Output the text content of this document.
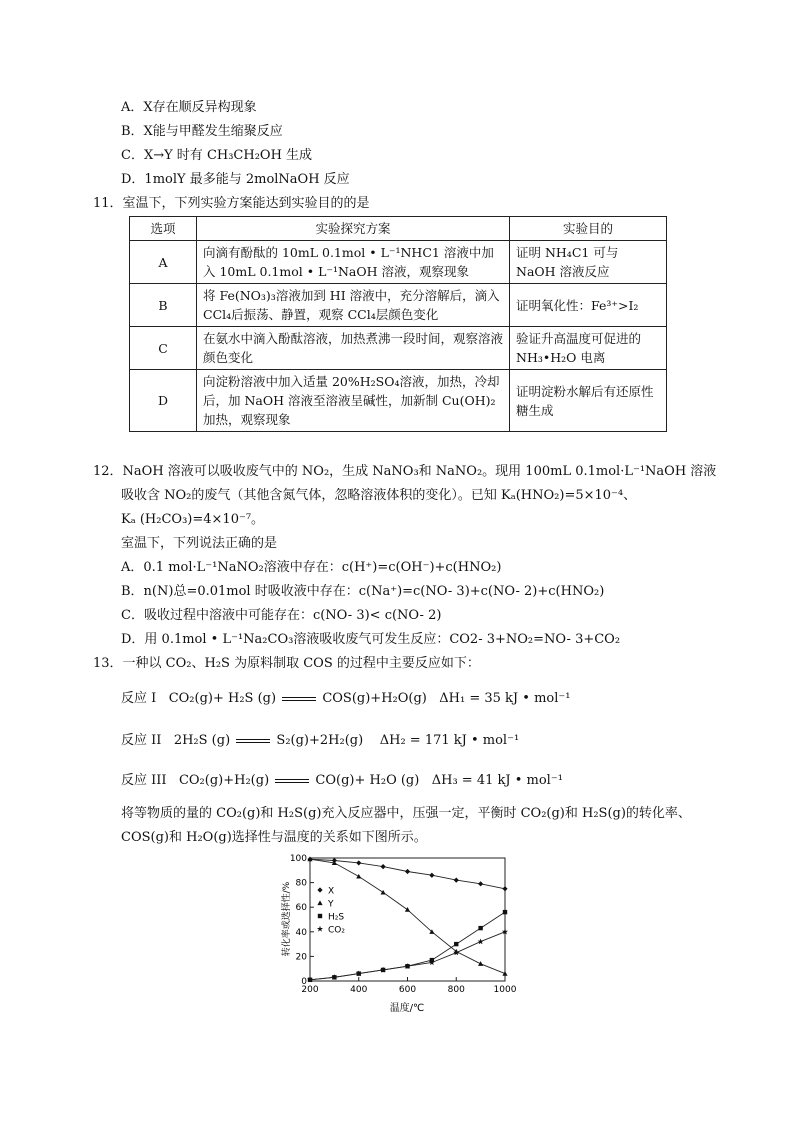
A．X存在顺反异构现象
B．X能与甲醛发生缩聚反应
C．X→Y 时有 CH₃CH₂OH 生成
D．1molY 最多能与 2molNaOH 反应
11．室温下，下列实验方案能达到实验目的的是
选项	实验探究方案	实验目的
A	向滴有酚酞的 10mL 0.1mol • L⁻¹NHC1 溶液中加入 10mL 0.1mol • L⁻¹NaOH 溶液，观察现象	证明 NH₄C1 可与 NaOH 溶液反应
B	将 Fe(NO₃)₃溶液加到 HI 溶液中，充分溶解后，滴入 CCl₄后振荡、静置，观察 CCl₄层颜色变化	证明氧化性：Fe³⁺>I₂
C	在氨水中滴入酚酞溶液，加热煮沸一段时间，观察溶液颜色变化	验证升高温度可促进的 NH₃•H₂O 电离
D	向淀粉溶液中加入适量 20%H₂SO₄溶液，加热，冷却后，加 NaOH 溶液至溶液呈碱性，加新制 Cu(OH)₂加热，观察现象	证明淀粉水解后有还原性糖生成
12．NaOH 溶液可以吸收废气中的 NO₂，生成 NaNO₃和 NaNO₂。现用 100mL 0.1mol·L⁻¹NaOH 溶液
吸收含 NO₂的废气（其他含氮气体，忽略溶液体积的变化）。已知 Kₐ(HNO₂)=5×10⁻⁴、
Kₐ (H₂CO₃)=4×10⁻⁷。
室温下，下列说法正确的是
A．0.1 mol·L⁻¹NaNO₂溶液中存在：c(H⁺)=c(OH⁻)+c(HNO₂)
B．n(N)总=0.01mol 时吸收液中存在：c(Na⁺)=c(NO- 3)+c(NO- 2)+c(HNO₂)
C．吸收过程中溶液中可能存在：c(NO- 3)< c(NO- 2)
D．用 0.1mol • L⁻¹Na₂CO₃溶液吸收废气可发生反应：CO2- 3+NO₂=NO- 3+CO₂
13．一种以 CO₂、H₂S 为原料制取 COS 的过程中主要反应如下：
反应 I CO₂(g)+ H₂S (g)	COS(g)+H₂O(g) ΔH₁ = 35 kJ • mol⁻¹
反应 II 2H₂S (g)	S₂(g)+2H₂(g) ΔH₂ = 171 kJ • mol⁻¹
反应 III CO₂(g)+H₂(g)	CO(g)+ H₂O (g) ΔH₃ = 41 kJ • mol⁻¹
将等物质的量的 CO₂(g)和 H₂S(g)充入反应器中，压强一定，平衡时 CO₂(g)和 H₂S(g)的转化率、
COS(g)和 H₂O(g)选择性与温度的关系如下图所示。
200	400	600	800	1000
0
20
40
60
80
100
X
Y
H₂S
CO₂
温度/℃
转化率或选择性/%
